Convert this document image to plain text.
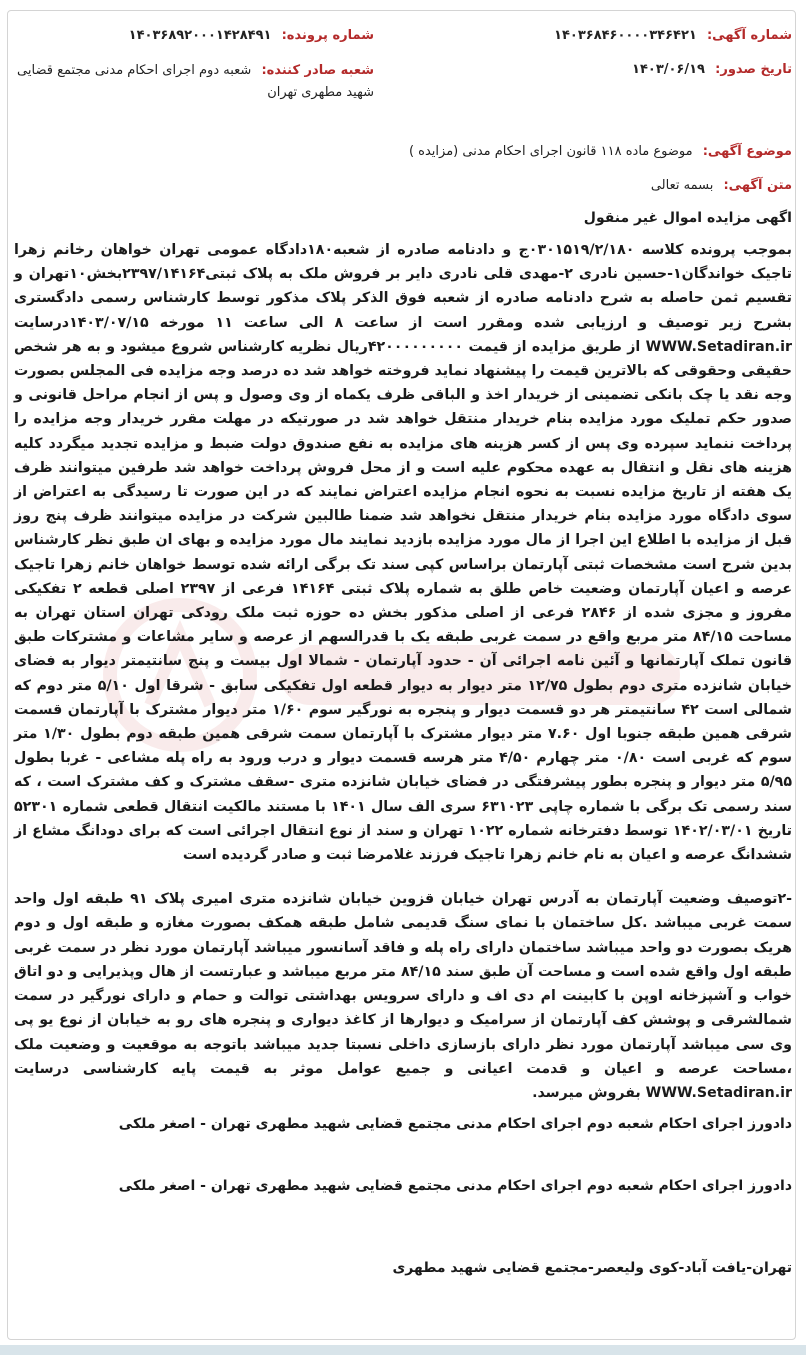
شماره آگهی: ۱۴۰۳۶۸۴۶۰۰۰۰۳۴۶۴۲۱
تاریخ صدور: ۱۴۰۳/۰۶/۱۹
شماره پرونده: ۱۴۰۳۶۸۹۲۰۰۰۱۴۲۸۴۹۱
شعبه صادر کننده: شعبه دوم اجرای احکام مدنی مجتمع قضایی شهید مطهری تهران
موضوع آگهی: موضوع ماده ۱۱۸ قانون اجرای احکام مدنی (مزایده )
متن آگهی: بسمه تعالی
اگهی مزایده اموال غیر منقول

بموجب پرونده کلاسه ۰۳۰۱۵۱۹/۲/۱۸۰ج و دادنامه صادره از شعبه۱۸۰دادگاه عمومی تهران خواهان رخانم زهرا تاجیک خواندگان۱-حسین نادری ۲-مهدی قلی نادری دایر بر فروش ملک به پلاک ثبتی۲۳۹۷/۱۴۱۶۴بخش۱۰تهران و تقسیم ثمن حاصله به شرح دادنامه صادره از شعبه فوق الذکر پلاک مذکور توسط کارشناس رسمی دادگستری بشرح زیر توصیف و ارزیابی شده ومقرر است از ساعت ۸ الی ساعت ۱۱ مورخه ۱۴۰۳/۰۷/۱۵درسایت WWW.Setadiran.ir از طریق مزایده از قیمت ۴۲۰۰۰۰۰۰۰۰۰ریال نظریه کارشناس شروع میشود و به هر شخص حقیقی وحقوقی که بالاترین قیمت را پیشنهاد نماید فروخته خواهد شد ده درصد وجه مزایده فی المجلس بصورت وجه نقد یا چک بانکی تضمینی از خریدار اخذ و الباقی ظرف یکماه از وی وصول و پس از انجام مراحل قانونی و صدور حکم تملیک مورد مزایده بنام خریدار منتقل خواهد شد در صورتیکه در مهلت مقرر خریدار وجه مزایده را پرداخت ننماید سپرده وی پس از کسر هزینه های مزایده به نفع صندوق دولت ضبط و مزایده تجدید میگردد کلیه هزینه های نقل و انتقال به عهده محکوم علیه است و از محل فروش پرداخت خواهد شد طرفین میتوانند ظرف یک هفته از تاریخ مزایده نسبت به نحوه انجام مزایده اعتراض نمایند که در این صورت تا رسیدگی به اعتراض از سوی دادگاه مورد مزایده بنام خریدار منتقل نخواهد شد ضمنا طالبین شرکت در مزایده میتوانند ظرف پنج روز قبل از مزایده با اطلاع این اجرا از مال مورد مزایده بازدید نمایند مال مورد مزایده و بهای ان طبق نظر کارشناس بدین شرح است مشخصات ثبتی آپارتمان براساس کپی سند تک برگی ارائه شده توسط خواهان خانم زهرا تاجیک عرصه و اعیان آپارتمان وضعیت خاص طلق به شماره پلاک ثبتی ۱۴۱۶۴ فرعی از ۲۳۹۷ اصلی قطعه ۲ تفکیکی مفروز و مجزی شده از ۲۸۴۶ فرعی از اصلی مذکور بخش ده حوزه ثبت ملک رودکی تهران استان تهران به مساحت ۸۴/۱۵ متر مربع واقع در سمت غربی طبقه یک با قدرالسهم از عرصه و سایر مشاعات و مشترکات طبق قانون تملک آپارتمانها و آئین نامه اجرائی آن - حدود آپارتمان - شمالا اول بیست و پنج سانتیمتر دیوار به فضای خیابان شانزده متری دوم بطول ۱۲/۷۵ متر دیوار به دیوار قطعه اول تفکیکی سابق - شرقا اول ۵/۱۰ متر دوم که شمالی است ۴۲ سانتیمتر هر دو قسمت دیوار و پنجره به نورگیر سوم ۱/۶۰ متر دیوار مشترک با آپارتمان قسمت شرقی همین طبقه جنوبا اول ۷.۶۰ متر دیوار مشترک با آپارتمان سمت شرقی همین طبقه دوم بطول ۱/۳۰ متر سوم که غربی است ۰/۸۰ متر چهارم ۴/۵۰ متر هرسه قسمت دیوار و درب ورود به راه پله مشاعی - غربا بطول ۵/۹۵ متر دیوار و پنجره بطور پیشرفتگی در فضای خیابان شانزده متری -سقف مشترک و کف مشترک است ، که سند رسمی تک برگی با شماره چاپی ۶۳۱۰۲۳ سری الف سال ۱۴۰۱ با مستند مالکیت انتقال قطعی شماره ۵۲۳۰۱ تاریخ ۱۴۰۲/۰۳/۰۱ توسط دفترخانه شماره ۱۰۲۲ تهران و سند از نوع انتقال اجرائی است که برای دودانگ مشاع از ششدانگ عرصه و اعیان به نام خانم زهرا تاجیک فرزند غلامرضا ثبت و صادر گردیده است

-۲توصیف وضعیت آپارتمان به آدرس تهران خیابان قزوین خیابان شانزده متری امیری پلاک ۹۱ طبقه اول واحد سمت غربی میباشد .کل ساختمان با نمای سنگ قدیمی شامل طبقه همکف بصورت مغازه و طبقه اول و دوم هریک بصورت دو واحد میباشد ساختمان دارای راه پله و فاقد آسانسور میباشد آپارتمان مورد نظر در سمت غربی طبقه اول واقع شده است و مساحت آن طبق سند ۸۴/۱۵ متر مربع میباشد و عبارتست از هال وپذیرایی و دو اتاق خواب و آشپزخانه اوپن با کابینت ام دی اف و دارای سرویس بهداشتی توالت و حمام و دارای نورگیر در سمت شمالشرقی و پوشش کف آپارتمان از سرامیک و دیوارها از کاغذ دیواری و پنجره های رو به خیابان از نوع یو پی وی سی میباشد آپارتمان مورد نظر دارای بازسازی داخلی نسبتا جدید میباشد باتوجه به موقعیت و وضعیت ملک ،مساحت عرصه و اعیان و قدمت اعیانی و جمیع عوامل موثر به قیمت پایه کارشناسی درسایت WWW.Setadiran.ir بفروش میرسد.

دادورز اجرای احکام شعبه دوم اجرای احکام مدنی مجتمع قضایی شهید مطهری تهران - اصغر ملکی
دادورز اجرای احکام شعبه دوم اجرای احکام مدنی مجتمع قضایی شهید مطهری تهران - اصغر ملکی
تهران-یافت آباد-کوی ولیعصر-مجتمع قضایی شهید مطهری
